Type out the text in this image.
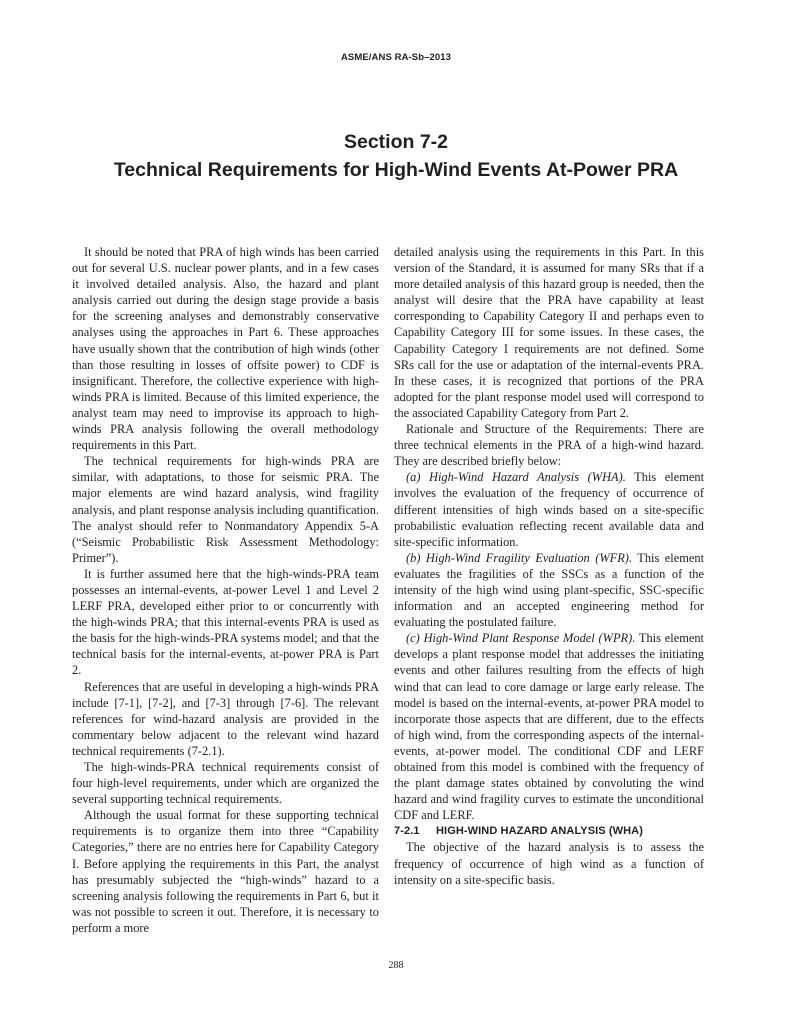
ASME/ANS RA-Sb–2013
Section 7-2
Technical Requirements for High-Wind Events At-Power PRA

It should be noted that PRA of high winds has been carried out for several U.S. nuclear power plants, and in a few cases it involved detailed analysis. Also, the hazard and plant analysis carried out during the design stage provide a basis for the screening analyses and demonstrably conservative analyses using the approaches in Part 6. These approaches have usually shown that the contribution of high winds (other than those resulting in losses of offsite power) to CDF is insignificant. Therefore, the collective experience with high-winds PRA is limited. Because of this limited experience, the analyst team may need to improvise its approach to high-winds PRA analysis following the overall methodology requirements in this Part.

The technical requirements for high-winds PRA are similar, with adaptations, to those for seismic PRA. The major elements are wind hazard analysis, wind fragility analysis, and plant response analysis including quantification. The analyst should refer to Nonmandatory Appendix 5-A (“Seismic Probabilistic Risk Assessment Methodology: Primer”).

It is further assumed here that the high-winds-PRA team possesses an internal-events, at-power Level 1 and Level 2 LERF PRA, developed either prior to or concurrently with the high-winds PRA; that this internal-events PRA is used as the basis for the high-winds-PRA systems model; and that the technical basis for the internal-events, at-power PRA is Part 2.

References that are useful in developing a high-winds PRA include [7-1], [7-2], and [7-3] through [7-6]. The relevant references for wind-hazard analysis are provided in the commentary below adjacent to the relevant wind hazard technical requirements (7-2.1).

The high-winds-PRA technical requirements consist of four high-level requirements, under which are organized the several supporting technical requirements.

Although the usual format for these supporting technical requirements is to organize them into three “Capability Categories,” there are no entries here for Capability Category I. Before applying the requirements in this Part, the analyst has presumably subjected the “high-winds” hazard to a screening analysis following the requirements in Part 6, but it was not possible to screen it out. Therefore, it is necessary to perform a more

detailed analysis using the requirements in this Part. In this version of the Standard, it is assumed for many SRs that if a more detailed analysis of this hazard group is needed, then the analyst will desire that the PRA have capability at least corresponding to Capability Category II and perhaps even to Capability Category III for some issues. In these cases, the Capability Category I requirements are not defined. Some SRs call for the use or adaptation of the internal-events PRA. In these cases, it is recognized that portions of the PRA adopted for the plant response model used will correspond to the associated Capability Category from Part 2.

Rationale and Structure of the Requirements: There are three technical elements in the PRA of a high-wind hazard. They are described briefly below:

(a) High-Wind Hazard Analysis (WHA). This element involves the evaluation of the frequency of occurrence of different intensities of high winds based on a site-specific probabilistic evaluation reflecting recent available data and site-specific information.

(b) High-Wind Fragility Evaluation (WFR). This element evaluates the fragilities of the SSCs as a function of the intensity of the high wind using plant-specific, SSC-specific information and an accepted engineering method for evaluating the postulated failure.

(c) High-Wind Plant Response Model (WPR). This element develops a plant response model that addresses the initiating events and other failures resulting from the effects of high wind that can lead to core damage or large early release. The model is based on the internal-events, at-power PRA model to incorporate those aspects that are different, due to the effects of high wind, from the corresponding aspects of the internal-events, at-power model. The conditional CDF and LERF obtained from this model is combined with the frequency of the plant damage states obtained by convoluting the wind hazard and wind fragility curves to estimate the unconditional CDF and LERF.

7-2.1 HIGH-WIND HAZARD ANALYSIS (WHA)

The objective of the hazard analysis is to assess the frequency of occurrence of high wind as a function of intensity on a site-specific basis.

288
